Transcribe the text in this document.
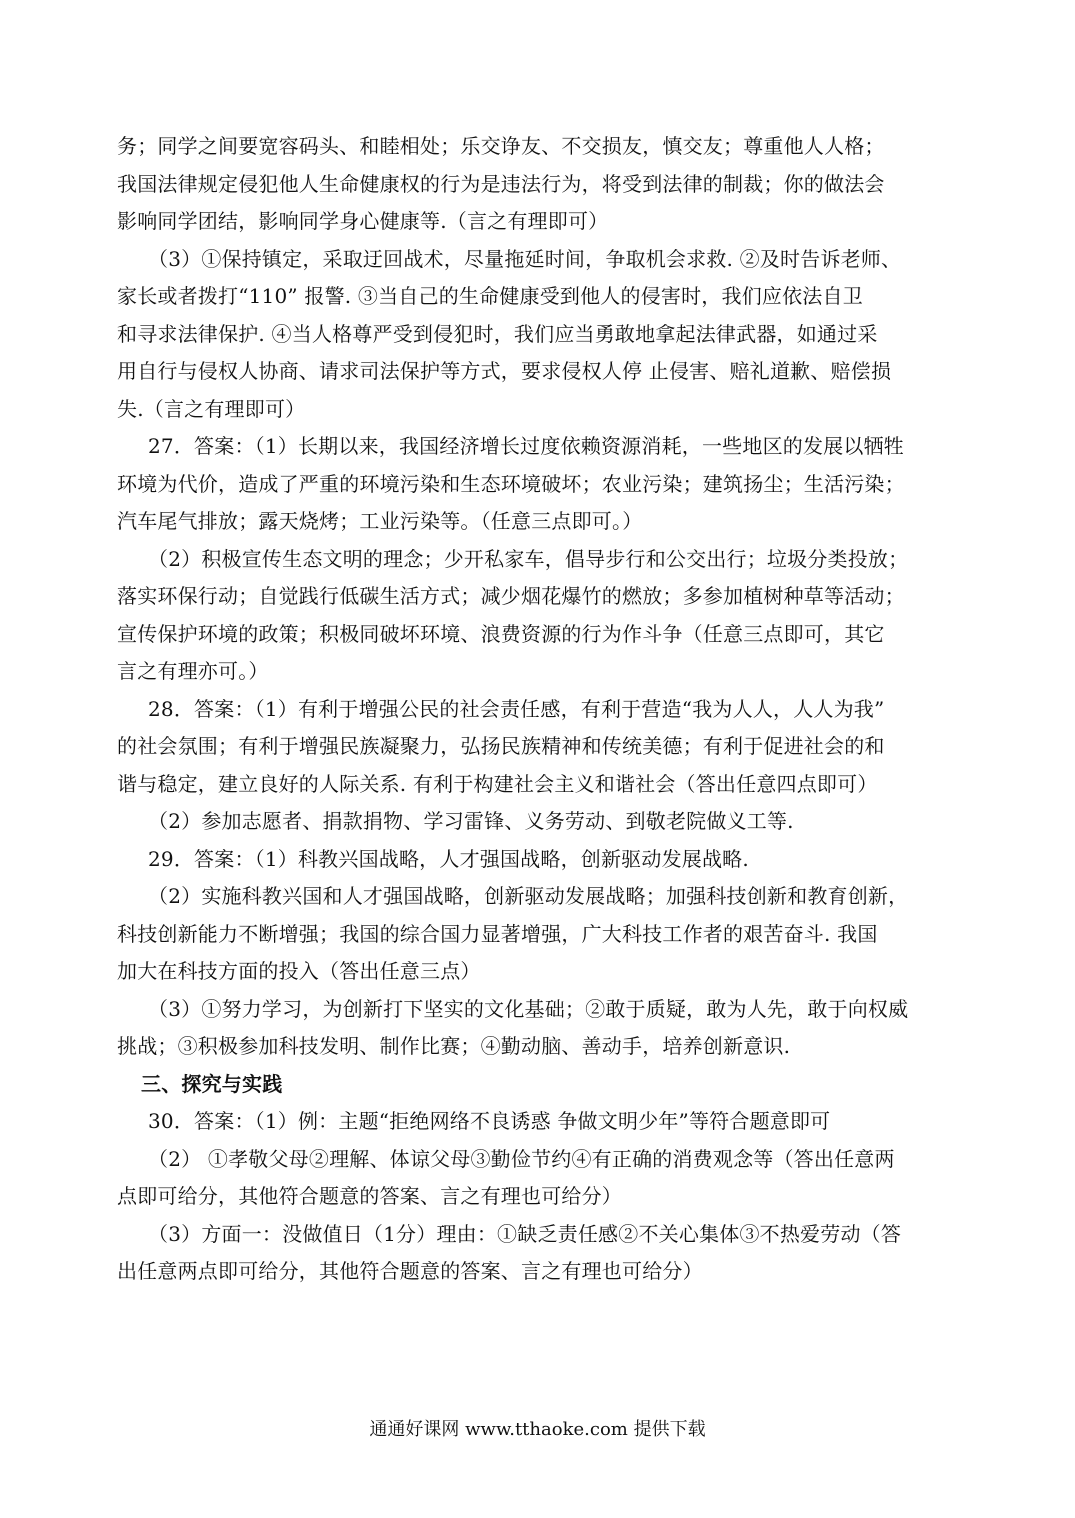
务；同学之间要宽容码头、和睦相处；乐交诤友、不交损友，慎交友；尊重他人人格；
我国法律规定侵犯他人生命健康权的行为是违法行为，将受到法律的制裁；你的做法会
影响同学团结，影响同学身心健康等.（言之有理即可）
（3）①保持镇定，采取迂回战术，尽量拖延时间，争取机会求救. ②及时告诉老师、
家长或者拨打“110” 报警. ③当自己的生命健康受到他人的侵害时，我们应依法自卫
和寻求法律保护. ④当人格尊严受到侵犯时，我们应当勇敢地拿起法律武器，如通过采
用自行与侵权人协商、请求司法保护等方式，要求侵权人停 止侵害、赔礼道歉、赔偿损
失.（言之有理即可）
27．答案：（1）长期以来，我国经济增长过度依赖资源消耗，一些地区的发展以牺牲
环境为代价，造成了严重的环境污染和生态环境破坏；农业污染；建筑扬尘；生活污染；
汽车尾气排放；露天烧烤；工业污染等。（任意三点即可。）
（2）积极宣传生态文明的理念；少开私家车，倡导步行和公交出行；垃圾分类投放；
落实环保行动；自觉践行低碳生活方式；减少烟花爆竹的燃放；多参加植树种草等活动；
宣传保护环境的政策；积极同破坏环境、浪费资源的行为作斗争（任意三点即可，其它
言之有理亦可。）
28．答案：（1）有利于增强公民的社会责任感，有利于营造“我为人人，人人为我”
的社会氛围；有利于增强民族凝聚力，弘扬民族精神和传统美德；有利于促进社会的和
谐与稳定，建立良好的人际关系. 有利于构建社会主义和谐社会（答出任意四点即可）
（2）参加志愿者、捐款捐物、学习雷锋、义务劳动、到敬老院做义工等.
29．答案：（1）科教兴国战略，人才强国战略，创新驱动发展战略.
（2）实施科教兴国和人才强国战略，创新驱动发展战略；加强科技创新和教育创新，
科技创新能力不断增强；我国的综合国力显著增强，广大科技工作者的艰苦奋斗. 我国
加大在科技方面的投入（答出任意三点）
（3）①努力学习，为创新打下坚实的文化基础；②敢于质疑，敢为人先，敢于向权威
挑战；③积极参加科技发明、制作比赛；④勤动脑、善动手，培养创新意识.
三、探究与实践
30．答案：（1）例：主题“拒绝网络不良诱惑 争做文明少年”等符合题意即可
（2） ①孝敬父母②理解、体谅父母③勤俭节约④有正确的消费观念等（答出任意两
点即可给分，其他符合题意的答案、言之有理也可给分）
（3）方面一：没做值日（1分）理由：①缺乏责任感②不关心集体③不热爱劳动（答
出任意两点即可给分，其他符合题意的答案、言之有理也可给分）
通通好课网 www.tthaoke.com 提供下载
